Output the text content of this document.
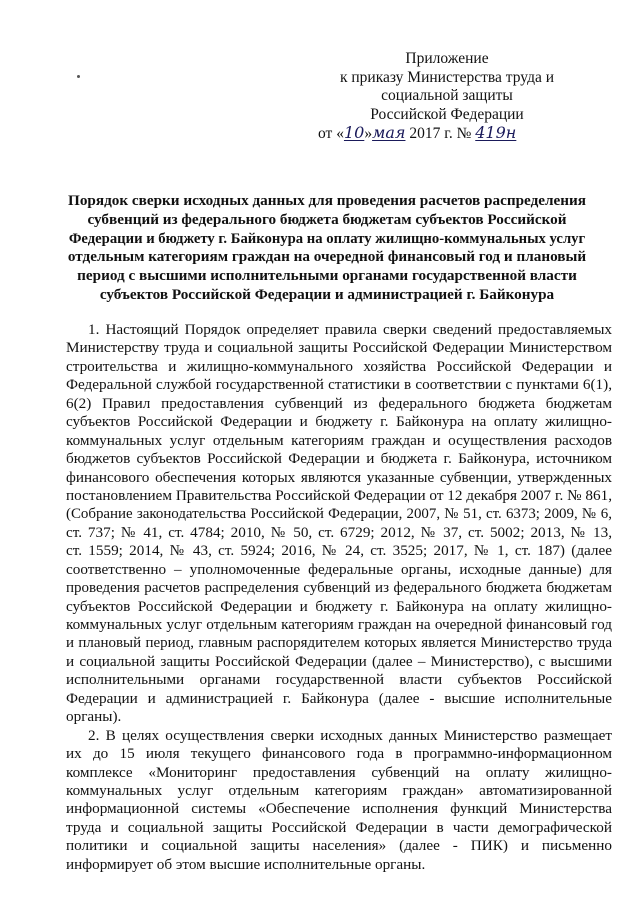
Приложение
к приказу Министерства труда и
социальной защиты
Российской Федерации
от «10»мая 2017 г. № 419н
Порядок сверки исходных данных для проведения расчетов распределения
субвенций из федерального бюджета бюджетам субъектов Российской
Федерации и бюджету г. Байконура на оплату жилищно-коммунальных услуг
отдельным категориям граждан на очередной финансовый год и плановый
период с высшими исполнительными органами государственной власти
субъектов Российской Федерации и администрацией г. Байконура
1. Настоящий Порядок определяет правила сверки сведений предоставляемых
Министерству труда и социальной защиты Российской Федерации Министерством
строительства и жилищно-коммунального хозяйства Российской Федерации и
Федеральной службой государственной статистики в соответствии с пунктами 6(1),
6(2) Правил предоставления субвенций из федерального бюджета бюджетам
субъектов Российской Федерации и бюджету г. Байконура на оплату жилищно-
коммунальных услуг отдельным категориям граждан и осуществления расходов
бюджетов субъектов Российской Федерации и бюджета г. Байконура, источником
финансового обеспечения которых являются указанные субвенции, утвержденных
постановлением Правительства Российской Федерации от 12 декабря 2007 г. № 861,
(Собрание законодательства Российской Федерации, 2007, № 51, ст. 6373; 2009, № 6,
ст. 737; № 41, ст. 4784; 2010, № 50, ст. 6729; 2012, № 37, ст. 5002; 2013, № 13,
ст. 1559; 2014, № 43, ст. 5924; 2016, № 24, ст. 3525; 2017, № 1, ст. 187) (далее
соответственно – уполномоченные федеральные органы, исходные данные) для
проведения расчетов распределения субвенций из федерального бюджета бюджетам
субъектов Российской Федерации и бюджету г. Байконура на оплату жилищно-
коммунальных услуг отдельным категориям граждан на очередной финансовый год
и плановый период, главным распорядителем которых является Министерство труда
и социальной защиты Российской Федерации (далее – Министерство), с высшими
исполнительными органами государственной власти субъектов Российской
Федерации и администрацией г. Байконура (далее - высшие исполнительные
органы).
2. В целях осуществления сверки исходных данных Министерство размещает
их до 15 июля текущего финансового года в программно-информационном
комплексе «Мониторинг предоставления субвенций на оплату жилищно-
коммунальных услуг отдельным категориям граждан» автоматизированной
информационной системы «Обеспечение исполнения функций Министерства
труда и социальной защиты Российской Федерации в части демографической
политики и социальной защиты населения» (далее - ПИК) и письменно
информирует об этом высшие исполнительные органы.
